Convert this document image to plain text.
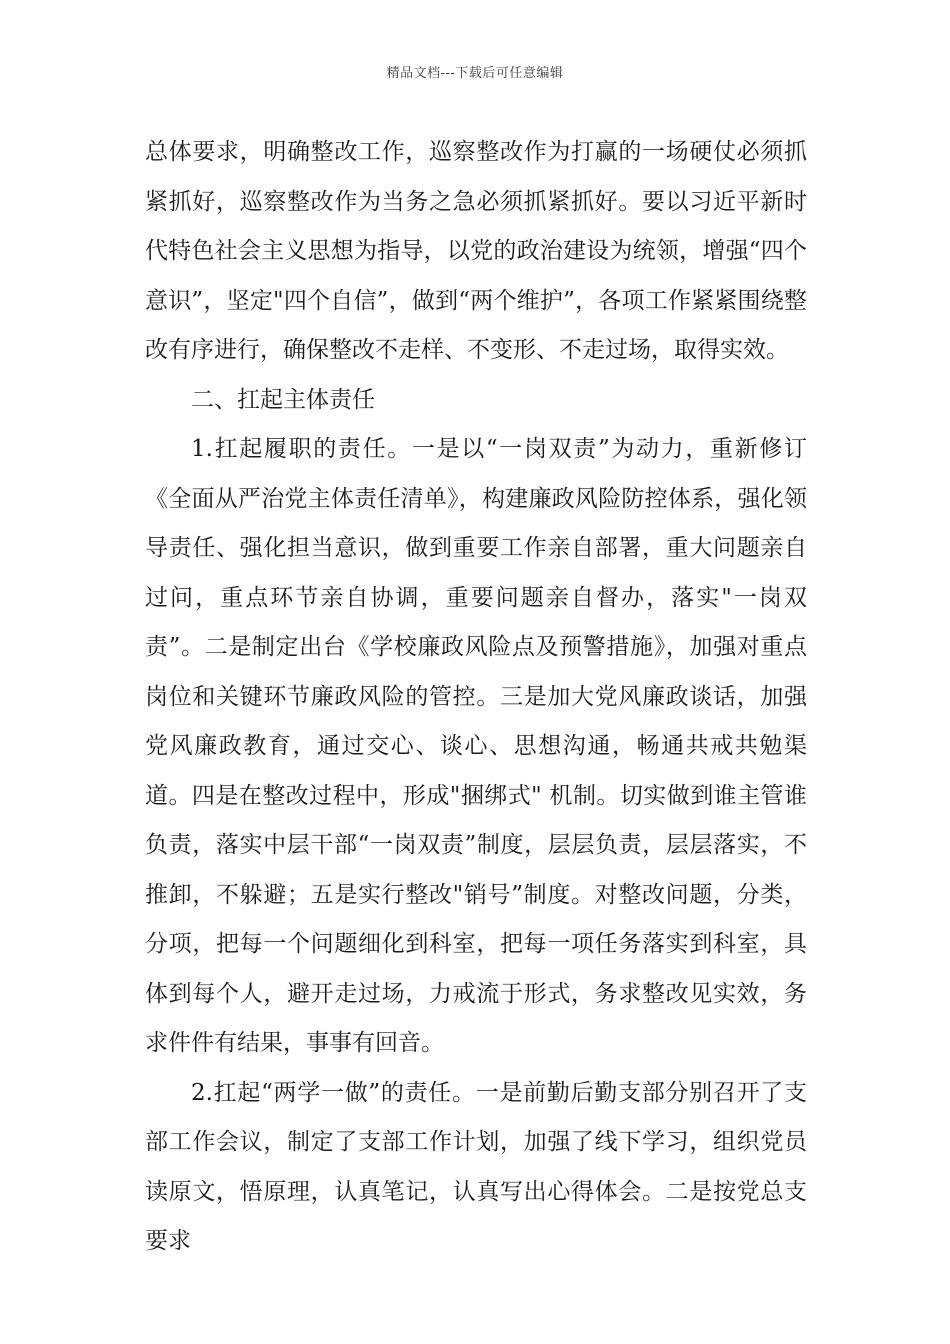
精品文档---下载后可任意编辑

总体要求，明确整改工作，巡察整改作为打赢的一场硬仗必须抓紧抓好，巡察整改作为当务之急必须抓紧抓好。要以习近平新时代特色社会主义思想为指导，以党的政治建设为统领，增强“四个意识”，坚定"四个自信”，做到“两个维护”，各项工作紧紧围绕整改有序进行，确保整改不走样、不变形、不走过场，取得实效。

二、扛起主体责任

1.扛起履职的责任。一是以“一岗双责”为动力，重新修订《全面从严治党主体责任清单》，构建廉政风险防控体系，强化领导责任、强化担当意识，做到重要工作亲自部署，重大问题亲自过问，重点环节亲自协调，重要问题亲自督办，落实"一岗双责”。二是制定出台《学校廉政风险点及预警措施》，加强对重点岗位和关键环节廉政风险的管控。三是加大党风廉政谈话，加强党风廉政教育，通过交心、谈心、思想沟通，畅通共戒共勉渠道。四是在整改过程中，形成"捆绑式" 机制。切实做到谁主管谁负责，落实中层干部“一岗双责”制度，层层负责，层层落实，不推卸，不躲避；五是实行整改"销号”制度。对整改问题，分类，分项，把每一个问题细化到科室，把每一项任务落实到科室，具体到每个人，避开走过场，力戒流于形式，务求整改见实效，务求件件有结果，事事有回音。

2.扛起“两学一做”的责任。一是前勤后勤支部分别召开了支部工作会议，制定了支部工作计划，加强了线下学习，组织党员读原文，悟原理，认真笔记，认真写出心得体会。二是按党总支要求
